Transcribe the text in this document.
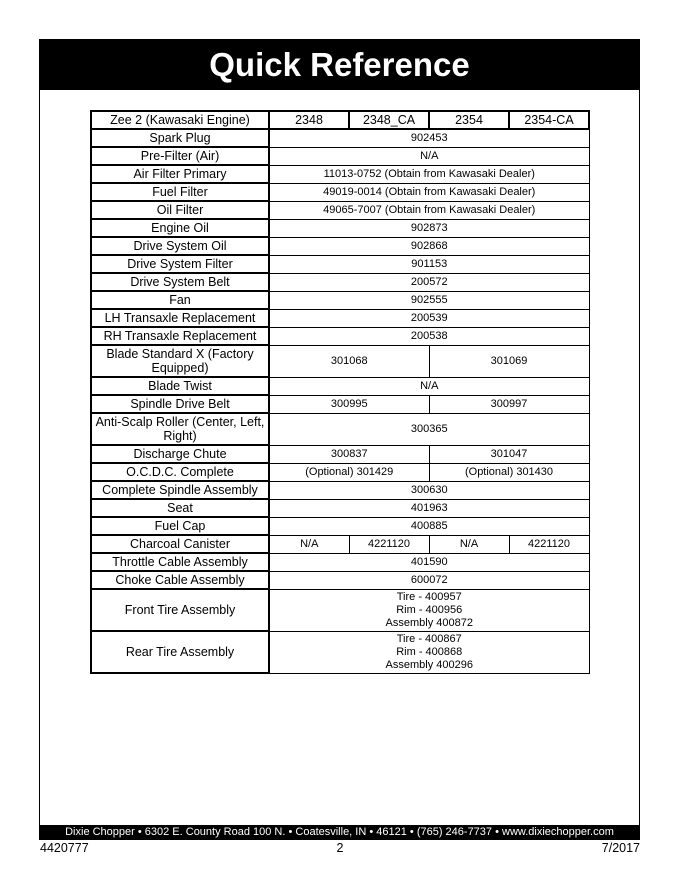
Quick Reference
Zee 2 (Kawasaki Engine)	2348	2348_CA	2354	2354-CA
Spark Plug	902453			
Pre-Filter (Air)	N/A			
Air Filter Primary	11013-0752 (Obtain from Kawasaki Dealer)			
Fuel Filter	49019-0014 (Obtain from Kawasaki Dealer)			
Oil Filter	49065-7007 (Obtain from Kawasaki Dealer)			
Engine Oil	902873			
Drive System Oil	902868			
Drive System Filter	901153			
Drive System Belt	200572			
Fan	902555			
LH Transaxle Replacement	200539			
RH Transaxle Replacement	200538			
Blade Standard X (Factory Equipped)	301068		301069	
Blade Twist	N/A			
Spindle Drive Belt	300995		300997	
Anti-Scalp Roller (Center, Left, Right)	300365			
Discharge Chute	300837		301047	
O.C.D.C. Complete	(Optional) 301429		(Optional) 301430	
Complete Spindle Assembly	300630			
Seat	401963			
Fuel Cap	400885			
Charcoal Canister	N/A	4221120	N/A	4221120
Throttle Cable Assembly	401590			
Choke Cable Assembly	600072			
Front Tire Assembly	Tire - 400957
Rim - 400956
Assembly 400872			

Rear Tire Assembly	Tire - 400867
Rim - 400868
Assembly 400296			
Dixie Chopper • 6302 E. County Road 100 N. • Coatesville, IN • 46121 • (765) 246-7737 • www.dixiechopper.com
4420777	2	7/2017
